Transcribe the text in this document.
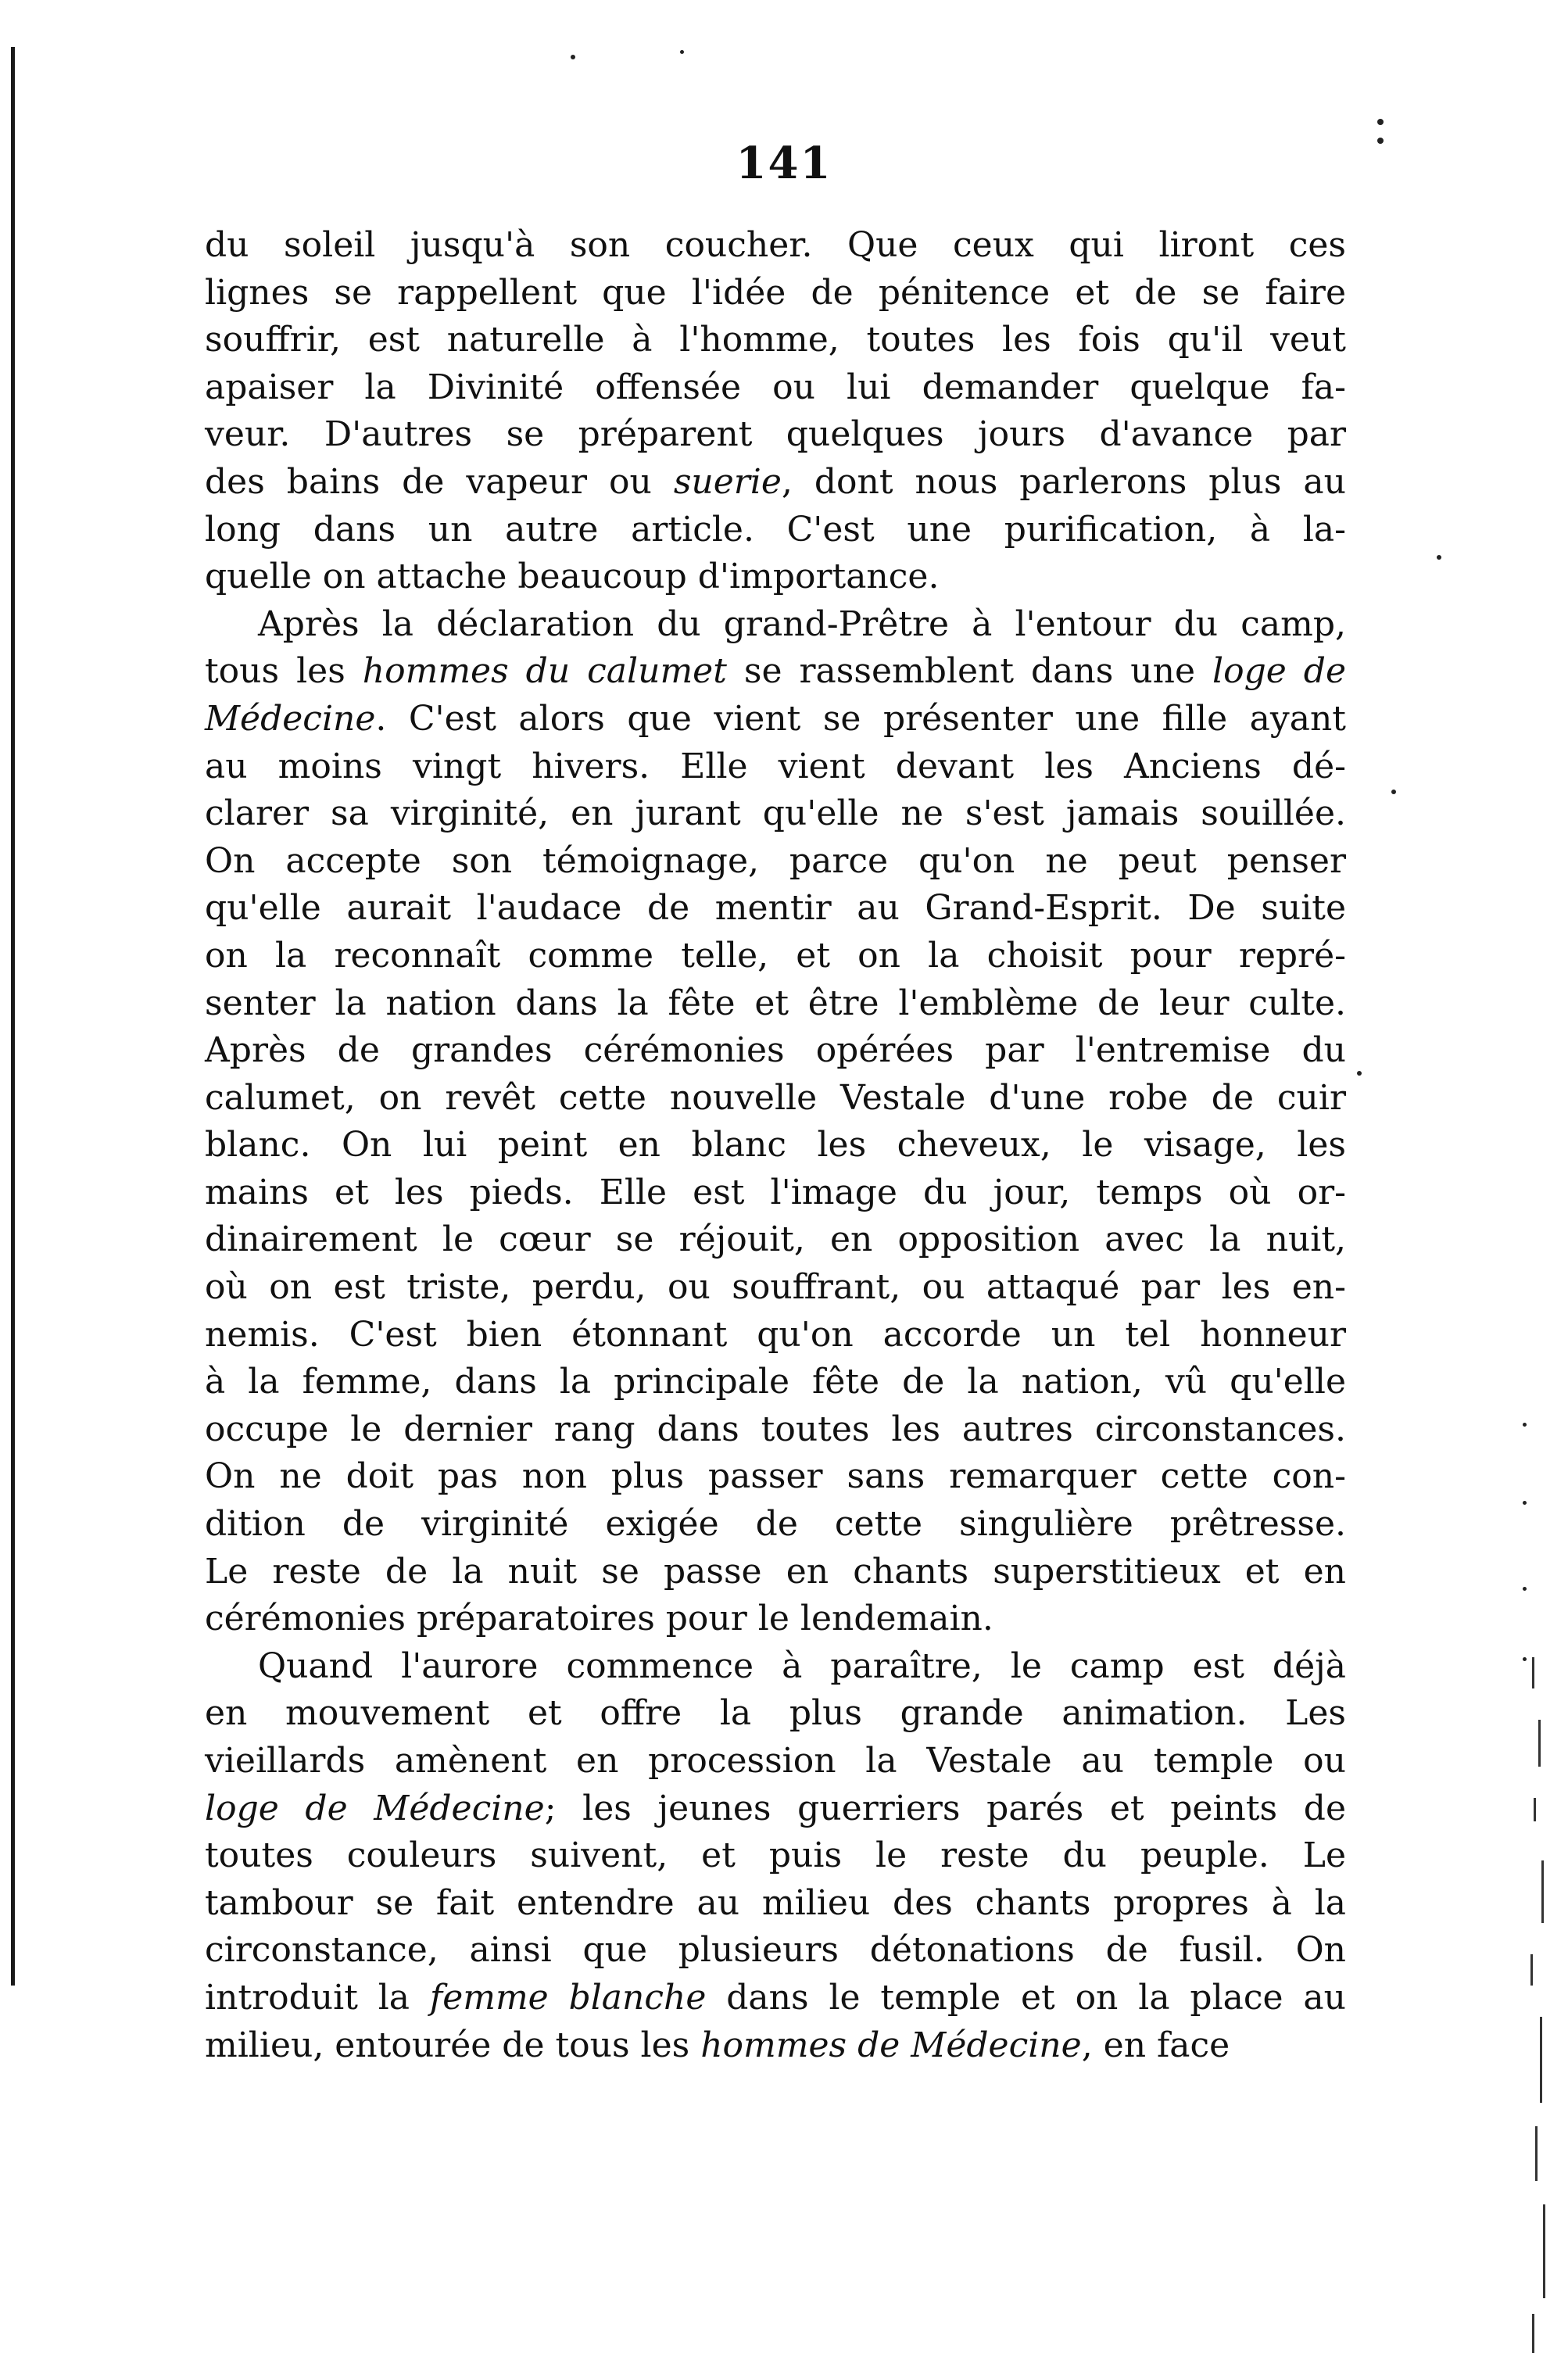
141
du soleil jusqu'à son coucher. Que ceux qui liront ces
lignes se rappellent que l'idée de pénitence et de se faire
souffrir, est naturelle à l'homme, toutes les fois qu'il veut
apaiser la Divinité offensée ou lui demander quelque fa-
veur. D'autres se préparent quelques jours d'avance par
des bains de vapeur ou suerie, dont nous parlerons plus au
long dans un autre article. C'est une purification, à la-
quelle on attache beaucoup d'importance.
Après la déclaration du grand-Prêtre à l'entour du camp,
tous les hommes du calumet se rassemblent dans une loge de
Médecine. C'est alors que vient se présenter une fille ayant
au moins vingt hivers. Elle vient devant les Anciens dé-
clarer sa virginité, en jurant qu'elle ne s'est jamais souillée.
On accepte son témoignage, parce qu'on ne peut penser
qu'elle aurait l'audace de mentir au Grand-Esprit. De suite
on la reconnaît comme telle, et on la choisit pour repré-
senter la nation dans la fête et être l'emblème de leur culte.
Après de grandes cérémonies opérées par l'entremise du
calumet, on revêt cette nouvelle Vestale d'une robe de cuir
blanc. On lui peint en blanc les cheveux, le visage, les
mains et les pieds. Elle est l'image du jour, temps où or-
dinairement le cœur se réjouit, en opposition avec la nuit,
où on est triste, perdu, ou souffrant, ou attaqué par les en-
nemis. C'est bien étonnant qu'on accorde un tel honneur
à la femme, dans la principale fête de la nation, vû qu'elle
occupe le dernier rang dans toutes les autres circonstances.
On ne doit pas non plus passer sans remarquer cette con-
dition de virginité exigée de cette singulière prêtresse.
Le reste de la nuit se passe en chants superstitieux et en
cérémonies préparatoires pour le lendemain.
Quand l'aurore commence à paraître, le camp est déjà
en mouvement et offre la plus grande animation. Les
vieillards amènent en procession la Vestale au temple ou
loge de Médecine; les jeunes guerriers parés et peints de
toutes couleurs suivent, et puis le reste du peuple. Le
tambour se fait entendre au milieu des chants propres à la
circonstance, ainsi que plusieurs détonations de fusil. On
introduit la femme blanche dans le temple et on la place au
milieu, entourée de tous les hommes de Médecine, en face
